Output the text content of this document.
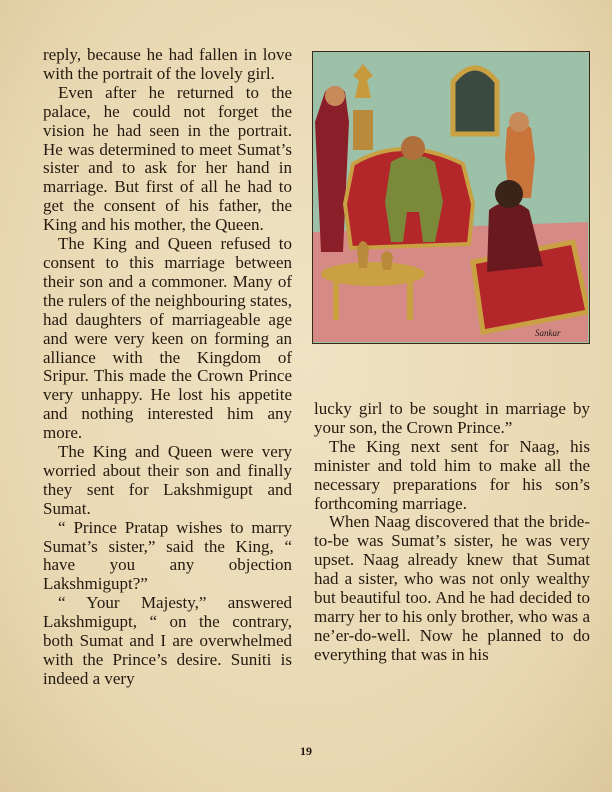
reply, because he had fallen in love with the portrait of the lovely girl.

Even after he returned to the palace, he could not forget the vision he had seen in the portrait. He was determined to meet Sumat’s sister and to ask for her hand in marriage. But first of all he had to get the consent of his father, the King and his mother, the Queen.

The King and Queen refused to consent to this marriage between their son and a commoner. Many of the rulers of the neighbouring states, had daughters of marriageable age and were very keen on forming an alliance with the Kingdom of Sripur. This made the Crown Prince very unhappy. He lost his appetite and nothing interested him any more.

The King and Queen were very worried about their son and finally they sent for Lakshmigupt and Sumat.

“ Prince Pratap wishes to marry Sumat’s sister,” said the King, “ have you any objection Lakshmigupt?”

“ Your Majesty,” answered Lakshmigupt, “ on the contrary, both Sumat and I are overwhelmed with the Prince’s desire. Suniti is indeed a very

Sankar

lucky girl to be sought in marriage by your son, the Crown Prince.”

The King next sent for Naag, his minister and told him to make all the necessary preparations for his son’s forthcoming marriage.

When Naag discovered that the bride-to-be was Sumat’s sister, he was very upset. Naag already knew that Sumat had a sister, who was not only wealthy but beautiful too. And he had decided to marry her to his only brother, who was a ne’er-do-well. Now he planned to do everything that was in his

19
